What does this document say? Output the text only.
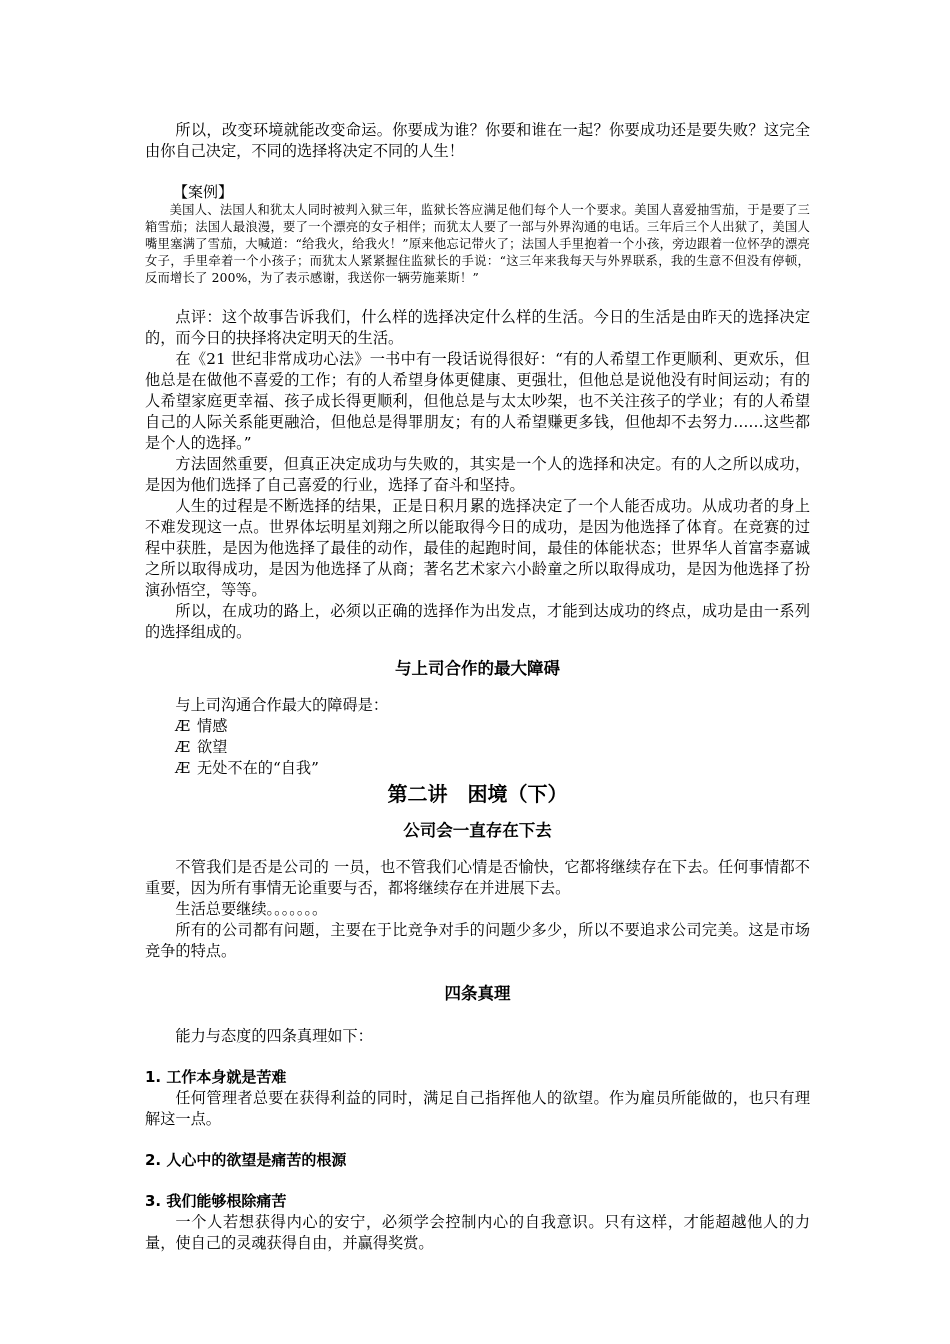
所以，改变环境就能改变命运。你要成为谁？你要和谁在一起？你要成功还是要失败？这完全由你自己决定，不同的选择将决定不同的人生！

【案例】

美国人、法国人和犹太人同时被判入狱三年，监狱长答应满足他们每个人一个要求。美国人喜爱抽雪茄，于是要了三箱雪茄；法国人最浪漫，要了一个漂亮的女子相伴；而犹太人要了一部与外界沟通的电话。三年后三个人出狱了，美国人嘴里塞满了雪茄，大喊道：“给我火，给我火！”原来他忘记带火了；法国人手里抱着一个小孩，旁边跟着一位怀孕的漂亮女子，手里牵着一个小孩子；而犹太人紧紧握住监狱长的手说：“这三年来我每天与外界联系，我的生意不但没有停顿，反而增长了 200%，为了表示感谢，我送你一辆劳施莱斯！”

点评：这个故事告诉我们，什么样的选择决定什么样的生活。今日的生活是由昨天的选择决定的，而今日的抉择将决定明天的生活。

在《21 世纪非常成功心法》一书中有一段话说得很好：“有的人希望工作更顺利、更欢乐，但他总是在做他不喜爱的工作；有的人希望身体更健康、更强壮，但他总是说他没有时间运动；有的人希望家庭更幸福、孩子成长得更顺利，但他总是与太太吵架，也不关注孩子的学业；有的人希望自己的人际关系能更融洽，但他总是得罪朋友；有的人希望赚更多钱，但他却不去努力……这些都是个人的选择。”

方法固然重要，但真正决定成功与失败的，其实是一个人的选择和决定。有的人之所以成功，是因为他们选择了自己喜爱的行业，选择了奋斗和坚持。

人生的过程是不断选择的结果，正是日积月累的选择决定了一个人能否成功。从成功者的身上不难发现这一点。世界体坛明星刘翔之所以能取得今日的成功，是因为他选择了体育。在竞赛的过程中获胜，是因为他选择了最佳的动作，最佳的起跑时间，最佳的体能状态；世界华人首富李嘉诚之所以取得成功，是因为他选择了从商；著名艺术家六小龄童之所以取得成功，是因为他选择了扮演孙悟空，等等。

所以，在成功的路上，必须以正确的选择作为出发点，才能到达成功的终点，成功是由一系列的选择组成的。

与上司合作的最大障碍

与上司沟通合作最大的障碍是：

Æ 情感
Æ 欲望
Æ 无处不在的“自我”
第二讲　困境（下）
公司会一直存在下去

不管我们是否是公司的 一员，也不管我们心情是否愉快，它都将继续存在下去。任何事情都不重要，因为所有事情无论重要与否，都将继续存在并进展下去。

生活总要继续。。。。。。。

所有的公司都有问题，主要在于比竞争对手的问题少多少，所以不要追求公司完美。这是市场竞争的特点。

四条真理

能力与态度的四条真理如下：

1. 工作本身就是苦难

任何管理者总要在获得利益的同时，满足自己指挥他人的欲望。作为雇员所能做的，也只有理解这一点。

2. 人心中的欲望是痛苦的根源

3. 我们能够根除痛苦

一个人若想获得内心的安宁，必须学会控制内心的自我意识。只有这样，才能超越他人的力量，使自己的灵魂获得自由，并赢得奖赏。
